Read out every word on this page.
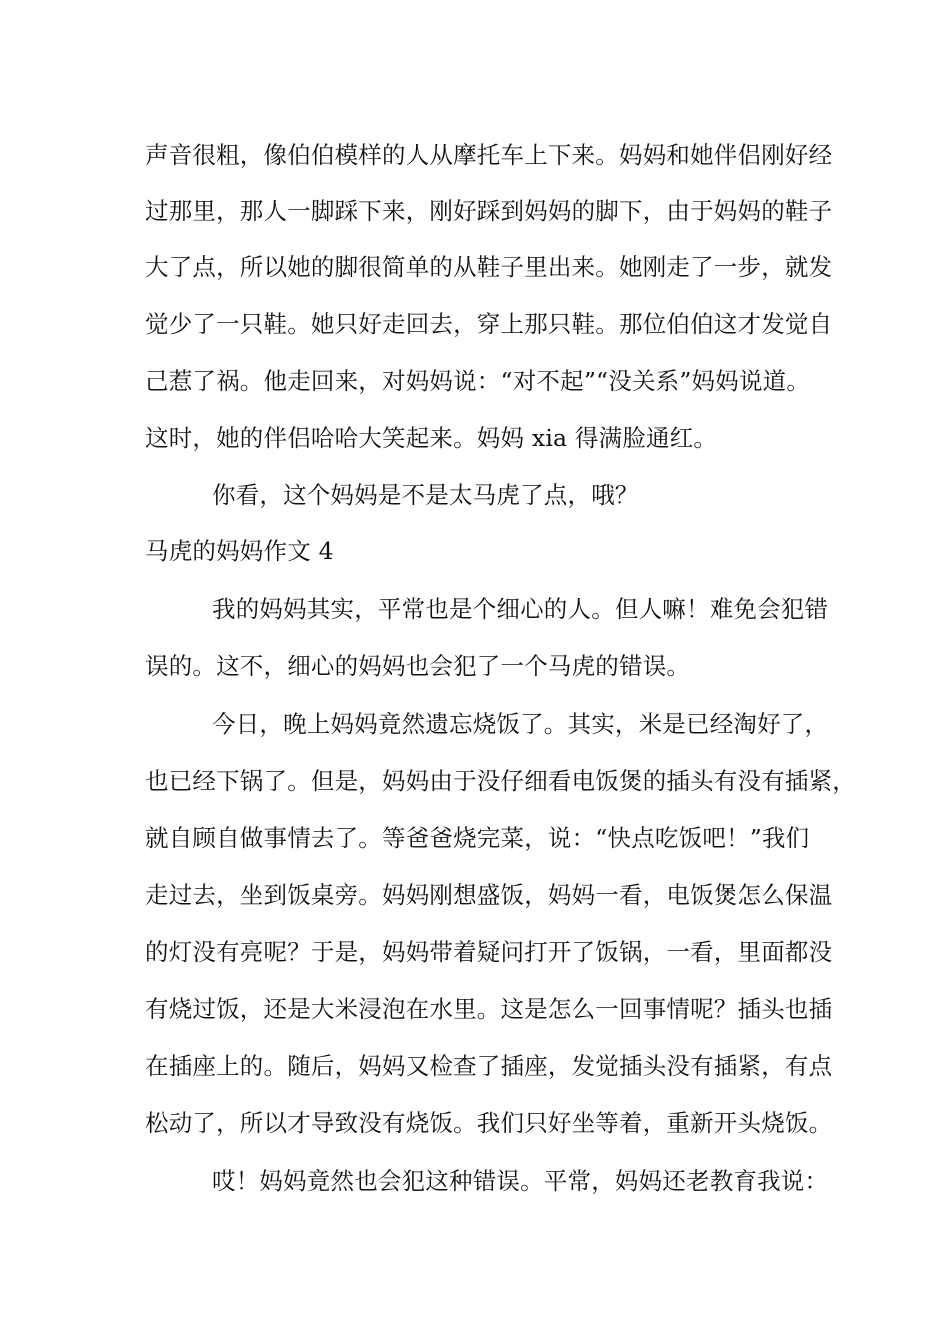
声音很粗，像伯伯模样的人从摩托车上下来。妈妈和她伴侣刚好经
过那里，那人一脚踩下来，刚好踩到妈妈的脚下，由于妈妈的鞋子
大了点，所以她的脚很简单的从鞋子里出来。她刚走了一步，就发
觉少了一只鞋。她只好走回去，穿上那只鞋。那位伯伯这才发觉自
己惹了祸。他走回来，对妈妈说：“对不起”“没关系”妈妈说道。
这时，她的伴侣哈哈大笑起来。妈妈 xia 得满脸通红。
你看，这个妈妈是不是太马虎了点，哦？
马虎的妈妈作文 4
我的妈妈其实，平常也是个细心的人。但人嘛！难免会犯错
误的。这不，细心的妈妈也会犯了一个马虎的错误。
今日，晚上妈妈竟然遗忘烧饭了。其实，米是已经淘好了，
也已经下锅了。但是，妈妈由于没仔细看电饭煲的插头有没有插紧，
就自顾自做事情去了。等爸爸烧完菜，说：“快点吃饭吧！”我们
走过去，坐到饭桌旁。妈妈刚想盛饭，妈妈一看，电饭煲怎么保温
的灯没有亮呢？于是，妈妈带着疑问打开了饭锅，一看，里面都没
有烧过饭，还是大米浸泡在水里。这是怎么一回事情呢？插头也插
在插座上的。随后，妈妈又检查了插座，发觉插头没有插紧，有点
松动了，所以才导致没有烧饭。我们只好坐等着，重新开头烧饭。
哎！妈妈竟然也会犯这种错误。平常，妈妈还老教育我说：
